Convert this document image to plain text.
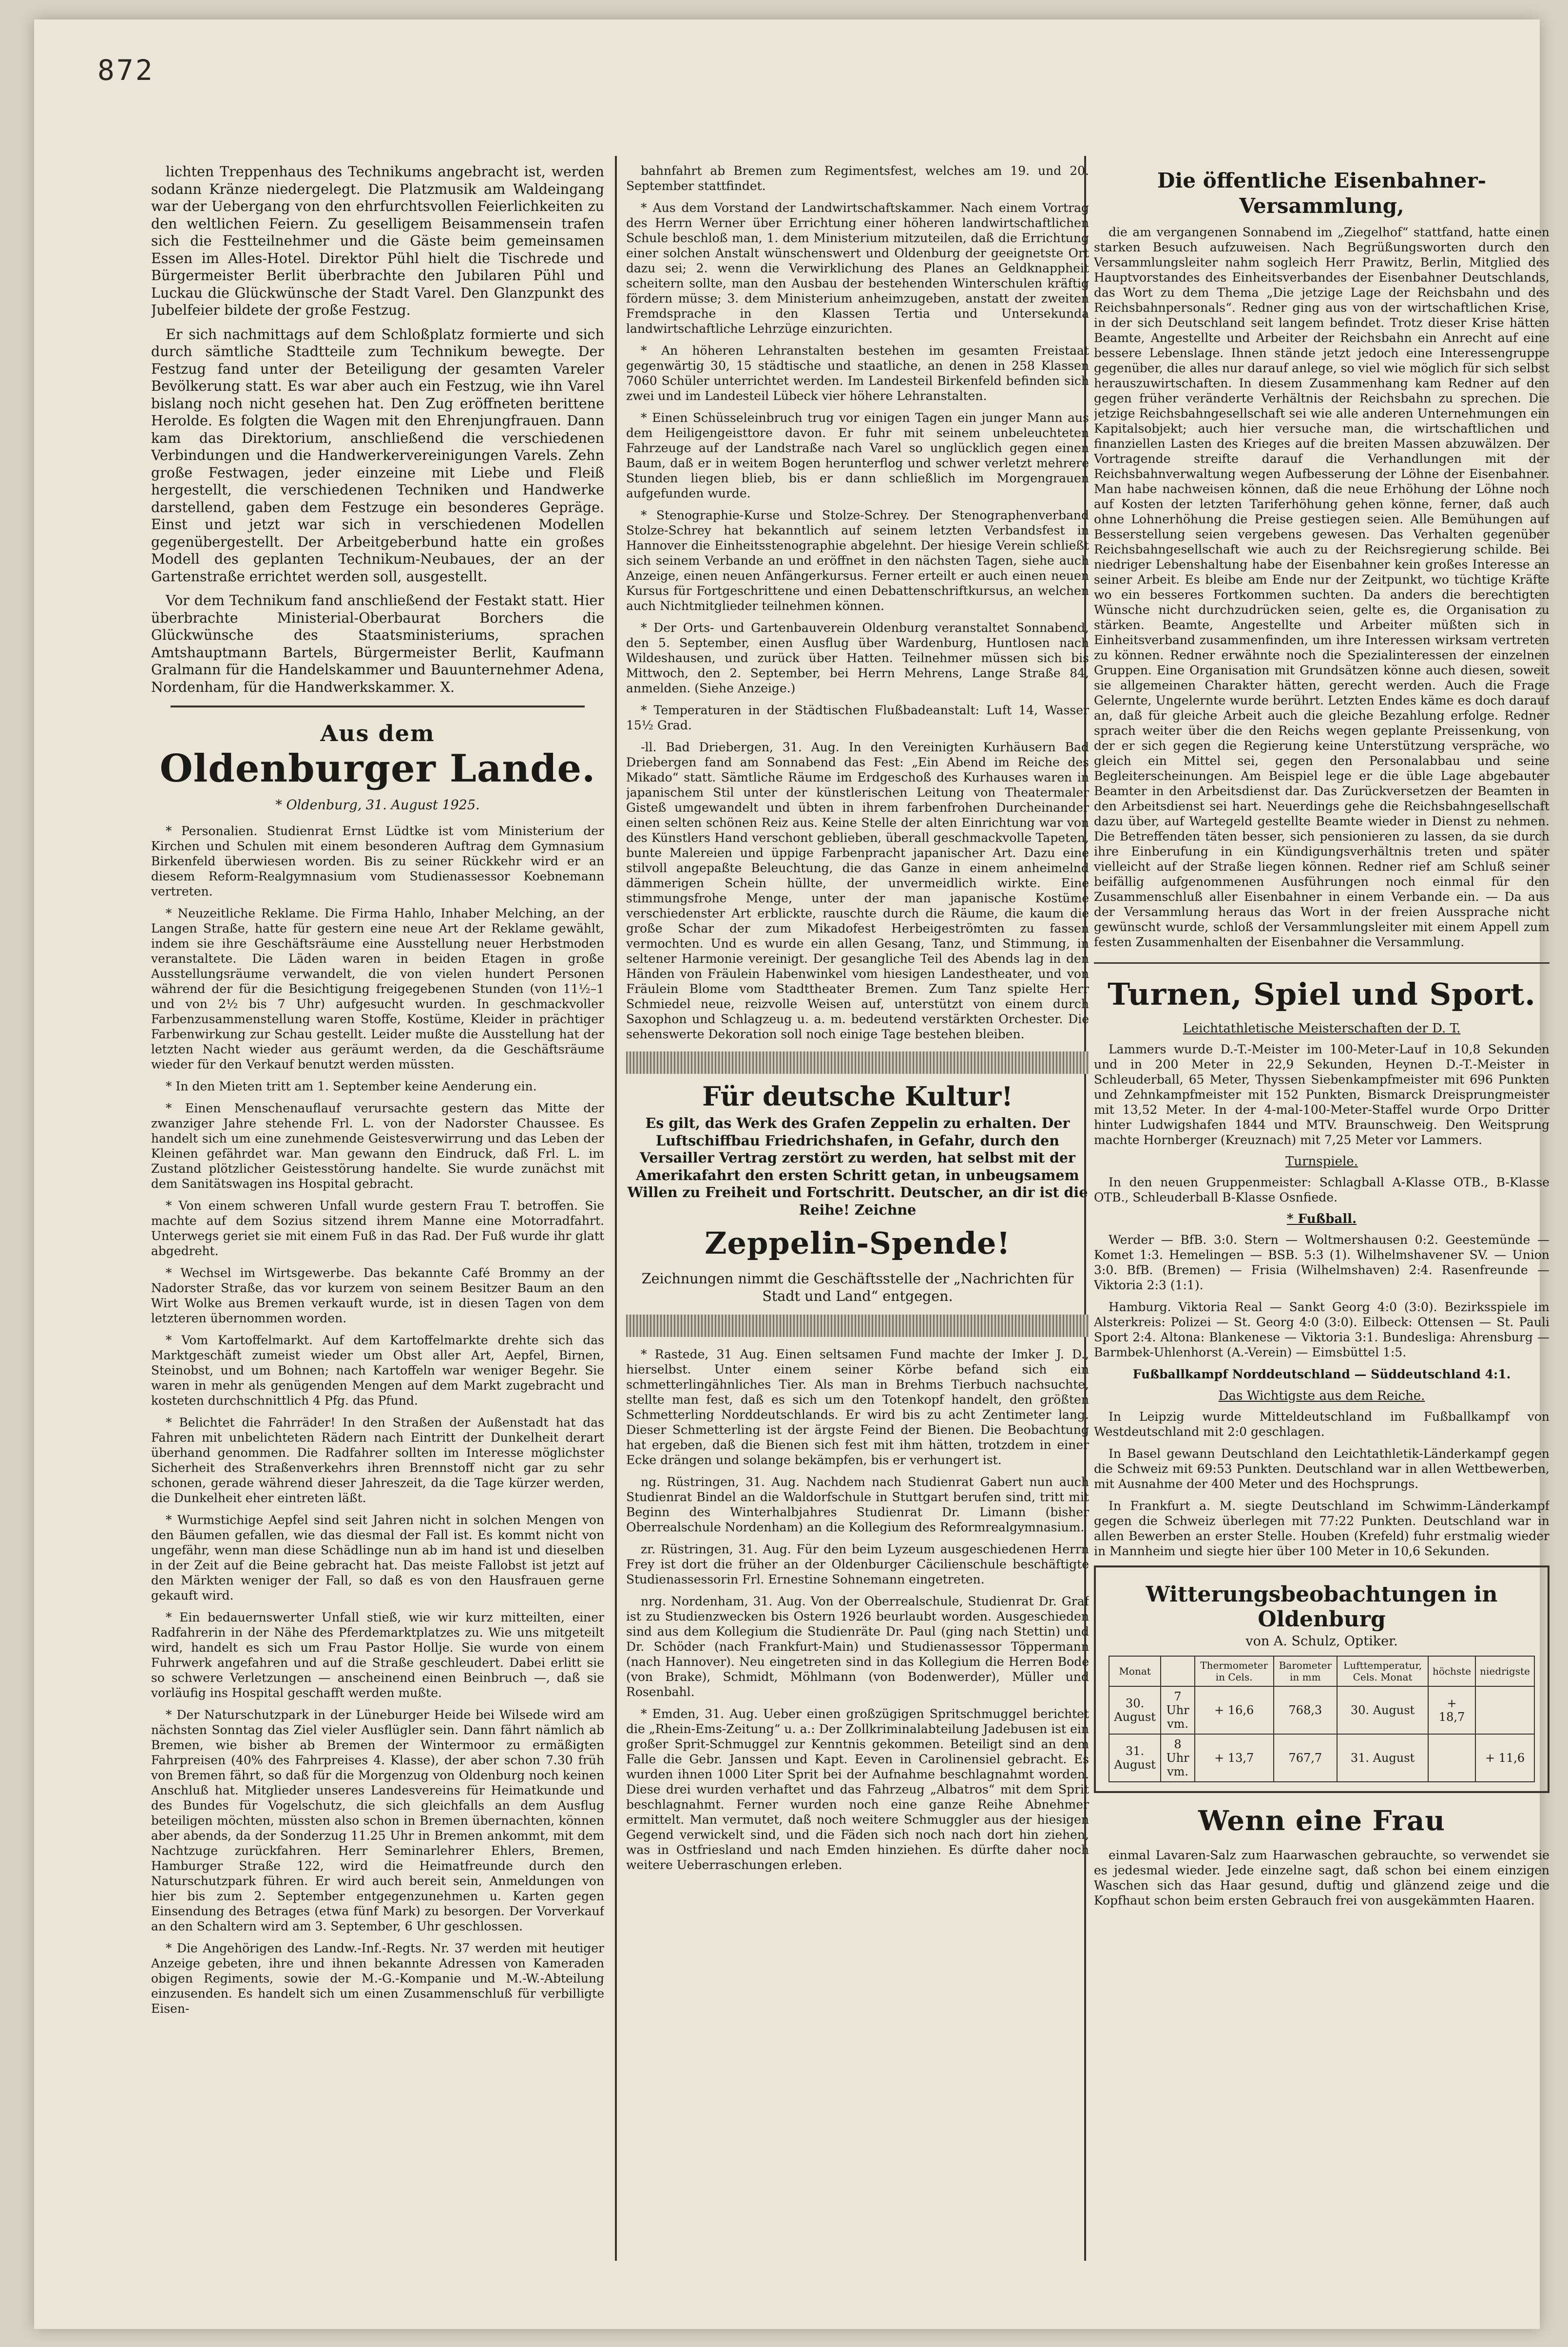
872

lichten Treppenhaus des Technikums angebracht ist, werden sodann Kränze niedergelegt. Die Platzmusik am Waldeingang war der Uebergang von den ehrfurchtsvollen Feierlichkeiten zu den weltlichen Feiern. Zu geselligem Beisammensein trafen sich die Festteilnehmer und die Gäste beim gemeinsamen Essen im Alles-Hotel. Direktor Pühl hielt die Tischrede und Bürgermeister Berlit überbrachte den Jubilaren Pühl und Luckau die Glückwünsche der Stadt Varel. Den Glanzpunkt des Jubelfeier bildete der große Festzug.

Er sich nachmittags auf dem Schloßplatz formierte und sich durch sämtliche Stadtteile zum Technikum bewegte. Der Festzug fand unter der Beteiligung der gesamten Vareler Bevölkerung statt. Es war aber auch ein Festzug, wie ihn Varel bislang noch nicht gesehen hat. Den Zug eröffneten berittene Herolde. Es folgten die Wagen mit den Ehrenjungfrauen. Dann kam das Direktorium, anschließend die verschiedenen Verbindungen und die Handwerkervereinigungen Varels. Zehn große Festwagen, jeder einzeine mit Liebe und Fleiß hergestellt, die verschiedenen Techniken und Handwerke darstellend, gaben dem Festzuge ein besonderes Gepräge. Einst und jetzt war sich in verschiedenen Modellen gegenübergestellt. Der Arbeitgeberbund hatte ein großes Modell des geplanten Technikum-Neubaues, der an der Gartenstraße errichtet werden soll, ausgestellt.

Vor dem Technikum fand anschließend der Festakt statt. Hier überbrachte Ministerial-Oberbaurat Borchers die Glückwünsche des Staatsministeriums, sprachen Amtshauptmann Bartels, Bürgermeister Berlit, Kaufmann Gralmann für die Handelskammer und Bauunternehmer Adena, Nordenham, für die Handwerkskammer. X.

Aus dem
Oldenburger Lande.
* Oldenburg, 31. August 1925.

* Personalien. Studienrat Ernst Lüdtke ist vom Ministerium der Kirchen und Schulen mit einem besonderen Auftrag dem Gymnasium Birkenfeld überwiesen worden. Bis zu seiner Rückkehr wird er an diesem Reform-Realgymnasium vom Studienassessor Koebnemann vertreten.

* Neuzeitliche Reklame. Die Firma Hahlo, Inhaber Melching, an der Langen Straße, hatte für gestern eine neue Art der Reklame gewählt, indem sie ihre Geschäftsräume eine Ausstellung neuer Herbstmoden veranstaltete. Die Läden waren in beiden Etagen in große Ausstellungsräume verwandelt, die von vielen hundert Personen während der für die Besichtigung freigegebenen Stunden (von 11½–1 und von 2½ bis 7 Uhr) aufgesucht wurden. In geschmackvoller Farbenzusammenstellung waren Stoffe, Kostüme, Kleider in prächtiger Farbenwirkung zur Schau gestellt. Leider mußte die Ausstellung hat der letzten Nacht wieder aus geräumt werden, da die Geschäftsräume wieder für den Verkauf benutzt werden müssten.

* In den Mieten tritt am 1. September keine Aenderung ein.

* Einen Menschenauflauf verursachte gestern das Mitte der zwanziger Jahre stehende Frl. L. von der Nadorster Chaussee. Es handelt sich um eine zunehmende Geistesverwirrung und das Leben der Kleinen gefährdet war. Man gewann den Eindruck, daß Frl. L. im Zustand plötzlicher Geistesstörung handelte. Sie wurde zunächst mit dem Sanitätswagen ins Hospital gebracht.

* Von einem schweren Unfall wurde gestern Frau T. betroffen. Sie machte auf dem Sozius sitzend ihrem Manne eine Motorradfahrt. Unterwegs geriet sie mit einem Fuß in das Rad. Der Fuß wurde ihr glatt abgedreht.

* Wechsel im Wirtsgewerbe. Das bekannte Café Brommy an der Nadorster Straße, das vor kurzem von seinem Besitzer Baum an den Wirt Wolke aus Bremen verkauft wurde, ist in diesen Tagen von dem letzteren übernommen worden.

* Vom Kartoffelmarkt. Auf dem Kartoffelmarkte drehte sich das Marktgeschäft zumeist wieder um Obst aller Art, Aepfel, Birnen, Steinobst, und um Bohnen; nach Kartoffeln war weniger Begehr. Sie waren in mehr als genügenden Mengen auf dem Markt zugebracht und kosteten durchschnittlich 4 Pfg. das Pfund.

* Belichtet die Fahrräder! In den Straßen der Außenstadt hat das Fahren mit unbelichteten Rädern nach Eintritt der Dunkelheit derart überhand genommen. Die Radfahrer sollten im Interesse möglichster Sicherheit des Straßenverkehrs ihren Brennstoff nicht gar zu sehr schonen, gerade während dieser Jahreszeit, da die Tage kürzer werden, die Dunkelheit eher eintreten läßt.

* Wurmstichige Aepfel sind seit Jahren nicht in solchen Mengen von den Bäumen gefallen, wie das diesmal der Fall ist. Es kommt nicht von ungefähr, wenn man diese Schädlinge nun ab im hand ist und dieselben in der Zeit auf die Beine gebracht hat. Das meiste Fallobst ist jetzt auf den Märkten weniger der Fall, so daß es von den Hausfrauen gerne gekauft wird.

* Ein bedauernswerter Unfall stieß, wie wir kurz mitteilten, einer Radfahrerin in der Nähe des Pferdemarktplatzes zu. Wie uns mitgeteilt wird, handelt es sich um Frau Pastor Hollje. Sie wurde von einem Fuhrwerk angefahren und auf die Straße geschleudert. Dabei erlitt sie so schwere Verletzungen — anscheinend einen Beinbruch —, daß sie vorläufig ins Hospital geschafft werden mußte.

* Der Naturschutzpark in der Lüneburger Heide bei Wilsede wird am nächsten Sonntag das Ziel vieler Ausflügler sein. Dann fährt nämlich ab Bremen, wie bisher ab Bremen der Wintermoor zu ermäßigten Fahrpreisen (40% des Fahrpreises 4. Klasse), der aber schon 7.30 früh von Bremen fährt, so daß für die Morgenzug von Oldenburg noch keinen Anschluß hat. Mitglieder unseres Landesvereins für Heimatkunde und des Bundes für Vogelschutz, die sich gleichfalls an dem Ausflug beteiligen möchten, müssten also schon in Bremen übernachten, können aber abends, da der Sonderzug 11.25 Uhr in Bremen ankommt, mit dem Nachtzuge zurückfahren. Herr Seminarlehrer Ehlers, Bremen, Hamburger Straße 122, wird die Heimatfreunde durch den Naturschutzpark führen. Er wird auch bereit sein, Anmeldungen von hier bis zum 2. September entgegenzunehmen u. Karten gegen Einsendung des Betrages (etwa fünf Mark) zu besorgen. Der Vorverkauf an den Schaltern wird am 3. September, 6 Uhr geschlossen.

* Die Angehörigen des Landw.-Inf.-Regts. Nr. 37 werden mit heutiger Anzeige gebeten, ihre und ihnen bekannte Adressen von Kameraden obigen Regiments, sowie der M.-G.-Kompanie und M.-W.-Abteilung einzusenden. Es handelt sich um einen Zusammenschluß für verbilligte Eisen-

bahnfahrt ab Bremen zum Regimentsfest, welches am 19. und 20. September stattfindet.

* Aus dem Vorstand der Landwirtschaftskammer. Nach einem Vortrag des Herrn Werner über Errichtung einer höheren landwirtschaftlichen Schule beschloß man, 1. dem Ministerium mitzuteilen, daß die Errichtung einer solchen Anstalt wünschenswert und Oldenburg der geeignetste Ort dazu sei; 2. wenn die Verwirklichung des Planes an Geldknappheit scheitern sollte, man den Ausbau der bestehenden Winterschulen kräftig fördern müsse; 3. dem Ministerium anheimzugeben, anstatt der zweiten Fremdsprache in den Klassen Tertia und Untersekunda landwirtschaftliche Lehrzüge einzurichten.

* An höheren Lehranstalten bestehen im gesamten Freistaat gegenwärtig 30, 15 städtische und staatliche, an denen in 258 Klassen 7060 Schüler unterrichtet werden. Im Landesteil Birkenfeld befinden sich zwei und im Landesteil Lübeck vier höhere Lehranstalten.

* Einen Schüsseleinbruch trug vor einigen Tagen ein junger Mann aus dem Heiligengeisttore davon. Er fuhr mit seinem unbeleuchteten Fahrzeuge auf der Landstraße nach Varel so unglücklich gegen einen Baum, daß er in weitem Bogen herunterflog und schwer verletzt mehrere Stunden liegen blieb, bis er dann schließlich im Morgengrauen aufgefunden wurde.

* Stenographie-Kurse und Stolze-Schrey. Der Stenographenverband Stolze-Schrey hat bekanntlich auf seinem letzten Verbandsfest in Hannover die Einheitsstenographie abgelehnt. Der hiesige Verein schließt sich seinem Verbande an und eröffnet in den nächsten Tagen, siehe auch Anzeige, einen neuen Anfängerkursus. Ferner erteilt er auch einen neuen Kursus für Fortgeschrittene und einen Debattenschriftkursus, an welchen auch Nichtmitglieder teilnehmen können.

* Der Orts- und Gartenbauverein Oldenburg veranstaltet Sonnabend, den 5. September, einen Ausflug über Wardenburg, Huntlosen nach Wildeshausen, und zurück über Hatten. Teilnehmer müssen sich bis Mittwoch, den 2. September, bei Herrn Mehrens, Lange Straße 84, anmelden. (Siehe Anzeige.)

* Temperaturen in der Städtischen Flußbadeanstalt: Luft 14, Wasser 15½ Grad.

-ll. Bad Driebergen, 31. Aug. In den Vereinigten Kurhäusern Bad Driebergen fand am Sonnabend das Fest: „Ein Abend im Reiche des Mikado“ statt. Sämtliche Räume im Erdgeschoß des Kurhauses waren in japanischem Stil unter der künstlerischen Leitung von Theatermaler Gisteß umgewandelt und übten in ihrem farbenfrohen Durcheinander einen selten schönen Reiz aus. Keine Stelle der alten Einrichtung war von des Künstlers Hand verschont geblieben, überall geschmackvolle Tapeten, bunte Malereien und üppige Farbenpracht japanischer Art. Dazu eine stilvoll angepaßte Beleuchtung, die das Ganze in einem anheimelnd dämmerigen Schein hüllte, der unvermeidlich wirkte. Eine stimmungsfrohe Menge, unter der man japanische Kostüme verschiedenster Art erblickte, rauschte durch die Räume, die kaum die große Schar der zum Mikadofest Herbeigeströmten zu fassen vermochten. Und es wurde ein allen Gesang, Tanz, und Stimmung, in seltener Harmonie vereinigt. Der gesangliche Teil des Abends lag in den Händen von Fräulein Habenwinkel vom hiesigen Landestheater, und von Fräulein Blome vom Stadttheater Bremen. Zum Tanz spielte Herr Schmiedel neue, reizvolle Weisen auf, unterstützt von einem durch Saxophon und Schlagzeug u. a. m. bedeutend verstärkten Orchester. Die sehenswerte Dekoration soll noch einige Tage bestehen bleiben.

Für deutsche Kultur!

Es gilt, das Werk des Grafen Zeppelin zu erhalten. Der Luftschiffbau Friedrichshafen, in Gefahr, durch den Versailler Vertrag zerstört zu werden, hat selbst mit der Amerikafahrt den ersten Schritt getan, in unbeugsamem Willen zu Freiheit und Fortschritt. Deutscher, an dir ist die Reihe! Zeichne

Zeppelin-Spende!

Zeichnungen nimmt die Geschäftsstelle der „Nachrichten für Stadt und Land“ entgegen.

* Rastede, 31 Aug. Einen seltsamen Fund machte der Imker J. D., hierselbst. Unter einem seiner Körbe befand sich ein schmetterlingähnliches Tier. Als man in Brehms Tierbuch nachsuchte, stellte man fest, daß es sich um den Totenkopf handelt, den größten Schmetterling Norddeutschlands. Er wird bis zu acht Zentimeter lang. Dieser Schmetterling ist der ärgste Feind der Bienen. Die Beobachtung hat ergeben, daß die Bienen sich fest mit ihm hätten, trotzdem in einer Ecke drängen und solange bekämpfen, bis er verhungert ist.

ng. Rüstringen, 31. Aug. Nachdem nach Studienrat Gabert nun auch Studienrat Bindel an die Waldorfschule in Stuttgart berufen sind, tritt mit Beginn des Winterhalbjahres Studienrat Dr. Limann (bisher Oberrealschule Nordenham) an die Kollegium des Reformrealgymnasium.

zr. Rüstringen, 31. Aug. Für den beim Lyzeum ausgeschiedenen Herrn Frey ist dort die früher an der Oldenburger Cäcilienschule beschäftigte Studienassessorin Frl. Ernestine Sohnemann eingetreten.

nrg. Nordenham, 31. Aug. Von der Oberrealschule, Studienrat Dr. Graf ist zu Studienzwecken bis Ostern 1926 beurlaubt worden. Ausgeschieden sind aus dem Kollegium die Studienräte Dr. Paul (ging nach Stettin) und Dr. Schöder (nach Frankfurt-Main) und Studienassessor Töppermann (nach Hannover). Neu eingetreten sind in das Kollegium die Herren Bode (von Brake), Schmidt, Möhlmann (von Bodenwerder), Müller und Rosenbahl.

* Emden, 31. Aug. Ueber einen großzügigen Spritschmuggel berichtet die „Rhein-Ems-Zeitung“ u. a.: Der Zollkriminalabteilung Jadebusen ist ein großer Sprit-Schmuggel zur Kenntnis gekommen. Beteiligt sind an dem Falle die Gebr. Janssen und Kapt. Eeven in Carolinensiel gebracht. Es wurden ihnen 1000 Liter Sprit bei der Aufnahme beschlagnahmt worden. Diese drei wurden verhaftet und das Fahrzeug „Albatros“ mit dem Sprit beschlagnahmt. Ferner wurden noch eine ganze Reihe Abnehmer ermittelt. Man vermutet, daß noch weitere Schmuggler aus der hiesigen Gegend verwickelt sind, und die Fäden sich noch nach dort hin ziehen, was in Ostfriesland und nach Emden hinziehen. Es dürfte daher noch weitere Ueberraschungen erleben.

Die öffentliche Eisenbahner-Versammlung,

die am vergangenen Sonnabend im „Ziegelhof“ stattfand, hatte einen starken Besuch aufzuweisen. Nach Begrüßungsworten durch den Versammlungsleiter nahm sogleich Herr Prawitz, Berlin, Mitglied des Hauptvorstandes des Einheitsverbandes der Eisenbahner Deutschlands, das Wort zu dem Thema „Die jetzige Lage der Reichsbahn und des Reichsbahnpersonals“. Redner ging aus von der wirtschaftlichen Krise, in der sich Deutschland seit langem befindet. Trotz dieser Krise hätten Beamte, Angestellte und Arbeiter der Reichsbahn ein Anrecht auf eine bessere Lebenslage. Ihnen stände jetzt jedoch eine Interessengruppe gegenüber, die alles nur darauf anlege, so viel wie möglich für sich selbst herauszuwirtschaften. In diesem Zusammenhang kam Redner auf den gegen früher veränderte Verhältnis der Reichsbahn zu sprechen. Die jetzige Reichsbahngesellschaft sei wie alle anderen Unternehmungen ein Kapitalsobjekt; auch hier versuche man, die wirtschaftlichen und finanziellen Lasten des Krieges auf die breiten Massen abzuwälzen. Der Vortragende streifte darauf die Verhandlungen mit der Reichsbahnverwaltung wegen Aufbesserung der Löhne der Eisenbahner. Man habe nachweisen können, daß die neue Erhöhung der Löhne noch auf Kosten der letzten Tariferhöhung gehen könne, ferner, daß auch ohne Lohnerhöhung die Preise gestiegen seien. Alle Bemühungen auf Besserstellung seien vergebens gewesen. Das Verhalten gegenüber Reichsbahngesellschaft wie auch zu der Reichsregierung schilde. Bei niedriger Lebenshaltung habe der Eisenbahner kein großes Interesse an seiner Arbeit. Es bleibe am Ende nur der Zeitpunkt, wo tüchtige Kräfte wo ein besseres Fortkommen suchten. Da anders die berechtigten Wünsche nicht durchzudrücken seien, gelte es, die Organisation zu stärken. Beamte, Angestellte und Arbeiter müßten sich in Einheitsverband zusammenfinden, um ihre Interessen wirksam vertreten zu können. Redner erwähnte noch die Spezialinteressen der einzelnen Gruppen. Eine Organisation mit Grundsätzen könne auch diesen, soweit sie allgemeinen Charakter hätten, gerecht werden. Auch die Frage Gelernte, Ungelernte wurde berührt. Letzten Endes käme es doch darauf an, daß für gleiche Arbeit auch die gleiche Bezahlung erfolge. Redner sprach weiter über die den Reichs wegen geplante Preissenkung, von der er sich gegen die Regierung keine Unterstützung verspräche, wo gleich ein Mittel sei, gegen den Personalabbau und seine Begleiterscheinungen. Am Beispiel lege er die üble Lage abgebauter Beamter in den Arbeitsdienst dar. Das Zurückversetzen der Beamten in den Arbeitsdienst sei hart. Neuerdings gehe die Reichsbahngesellschaft dazu über, auf Wartegeld gestellte Beamte wieder in Dienst zu nehmen. Die Betreffenden täten besser, sich pensionieren zu lassen, da sie durch ihre Einberufung in ein Kündigungsverhältnis treten und später vielleicht auf der Straße liegen können. Redner rief am Schluß seiner beifällig aufgenommenen Ausführungen noch einmal für den Zusammenschluß aller Eisenbahner in einem Verbande ein. — Da aus der Versammlung heraus das Wort in der freien Aussprache nicht gewünscht wurde, schloß der Versammlungsleiter mit einem Appell zum festen Zusammenhalten der Eisenbahner die Versammlung.

Turnen, Spiel und Sport.
Leichtathletische Meisterschaften der D. T.

Lammers wurde D.-T.-Meister im 100-Meter-Lauf in 10,8 Sekunden und in 200 Meter in 22,9 Sekunden, Heynen D.-T.-Meister in Schleuderball, 65 Meter, Thyssen Siebenkampfmeister mit 696 Punkten und Zehnkampfmeister mit 152 Punkten, Bismarck Dreisprungmeister mit 13,52 Meter. In der 4-mal-100-Meter-Staffel wurde Orpo Dritter hinter Ludwigshafen 1844 und MTV. Braunschweig. Den Weitsprung machte Hornberger (Kreuznach) mit 7,25 Meter vor Lammers.

Turnspiele.

In den neuen Gruppenmeister: Schlagball A-Klasse OTB., B-Klasse OTB., Schleuderball B-Klasse Osnfiede.

* Fußball.

Werder — BfB. 3:0. Stern — Woltmershausen 0:2. Geestemünde — Komet 1:3. Hemelingen — BSB. 5:3 (1). Wilhelmshavener SV. — Union 3:0. BfB. (Bremen) — Frisia (Wilhelmshaven) 2:4. Rasenfreunde — Viktoria 2:3 (1:1).

Hamburg. Viktoria Real — Sankt Georg 4:0 (3:0). Bezirksspiele im Alsterkreis: Polizei — St. Georg 4:0 (3:0). Eilbeck: Ottensen — St. Pauli Sport 2:4. Altona: Blankenese — Viktoria 3:1. Bundesliga: Ahrensburg — Barmbek-Uhlenhorst (A.-Verein) — Eimsbüttel 1:5.

Fußballkampf Norddeutschland — Süddeutschland 4:1.

Das Wichtigste aus dem Reiche.

In Leipzig wurde Mitteldeutschland im Fußballkampf von Westdeutschland mit 2:0 geschlagen.

In Basel gewann Deutschland den Leichtathletik-Länderkampf gegen die Schweiz mit 69:53 Punkten. Deutschland war in allen Wettbewerben, mit Ausnahme der 400 Meter und des Hochsprungs.

In Frankfurt a. M. siegte Deutschland im Schwimm-Länderkampf gegen die Schweiz überlegen mit 77:22 Punkten. Deutschland war in allen Bewerben an erster Stelle. Houben (Krefeld) fuhr erstmalig wieder in Mannheim und siegte hier über 100 Meter in 10,6 Sekunden.

Witterungsbeobachtungen in Oldenburg
von A. Schulz, Optiker.
Monat		Thermometer in Cels.	Barometer in mm	Lufttemperatur, Cels. Monat	höchste	niedrigste
30. August	7 Uhr vm.	+ 16,6	768,3	30. August	+ 18,7	
31. August	8 Uhr vm.	+ 13,7	767,7	31. August		+ 11,6
Wenn eine Frau

einmal Lavaren-Salz zum Haarwaschen gebrauchte, so verwendet sie es jedesmal wieder. Jede einzelne sagt, daß schon bei einem einzigen Waschen sich das Haar gesund, duftig und glänzend zeige und die Kopfhaut schon beim ersten Gebrauch frei von ausgekämmten Haaren.
